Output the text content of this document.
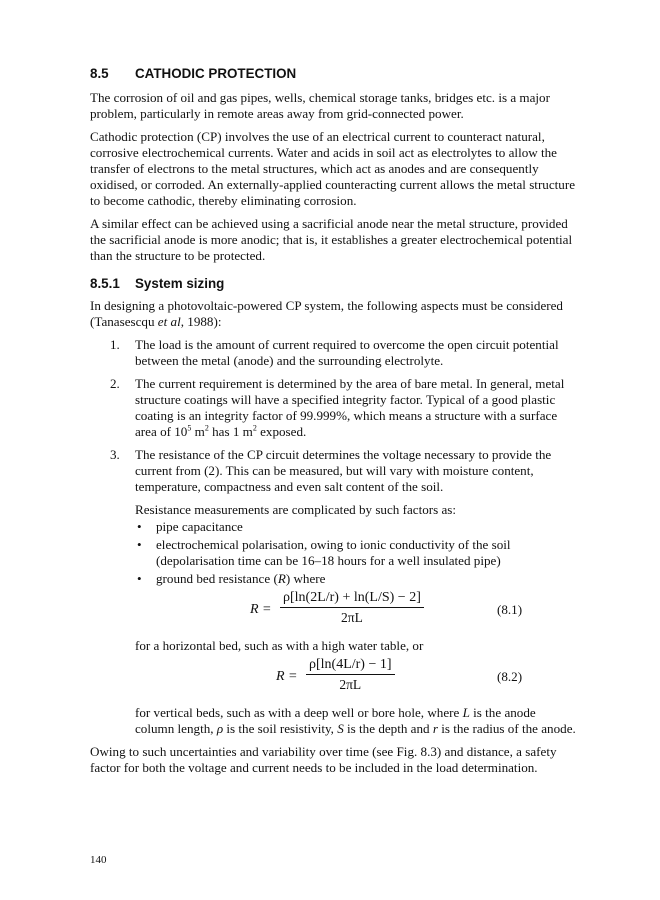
8.5	CATHODIC PROTECTION

The corrosion of oil and gas pipes, wells, chemical storage tanks, bridges etc. is a major problem, particularly in remote areas away from grid-connected power.

Cathodic protection (CP) involves the use of an electrical current to counteract natural, corrosive electrochemical currents. Water and acids in soil act as electrolytes to allow the transfer of electrons to the metal structures, which act as anodes and are consequently oxidised, or corroded. An externally-applied counteracting current allows the metal structure to become cathodic, thereby eliminating corrosion.

A similar effect can be achieved using a sacrificial anode near the metal structure, provided the sacrificial anode is more anodic; that is, it establishes a greater electrochemical potential than the structure to be protected.

8.5.1	System sizing

In designing a photovoltaic-powered CP system, the following aspects must be considered (Tanasescqu et al, 1988):

1. The load is the amount of current required to overcome the open circuit potential between the metal (anode) and the surrounding electrolyte.

2. The current requirement is determined by the area of bare metal. In general, metal structure coatings will have a specified integrity factor. Typical of a good plastic coating is an integrity factor of 99.999%, which means a structure with a surface area of $10^5$ $m^2$ has 1 $m^2$ exposed.

3. The resistance of the CP circuit determines the voltage necessary to provide the current from (2). This can be measured, but will vary with moisture content, temperature, compactness and even salt content of the soil.

Resistance measurements are complicated by such factors as:

• pipe capacitance

• electrochemical polarisation, owing to ionic conductivity of the soil (depolarisation time can be 16–18 hours for a well insulated pipe)

• ground bed resistance (R) where

$R = \frac{\rho[\ln(2L/r) + \ln(L/S) - 2]}{2\pi L}$	(8.1)

for a horizontal bed, such as with a high water table, or

$R = \frac{\rho[\ln(4L/r) - 1]}{2\pi L}$	(8.2)

for vertical beds, such as with a deep well or bore hole, where L is the anode column length, ρ is the soil resistivity, S is the depth and r is the radius of the anode.

Owing to such uncertainties and variability over time (see Fig. 8.3) and distance, a safety factor for both the voltage and current needs to be included in the load determination.

140
